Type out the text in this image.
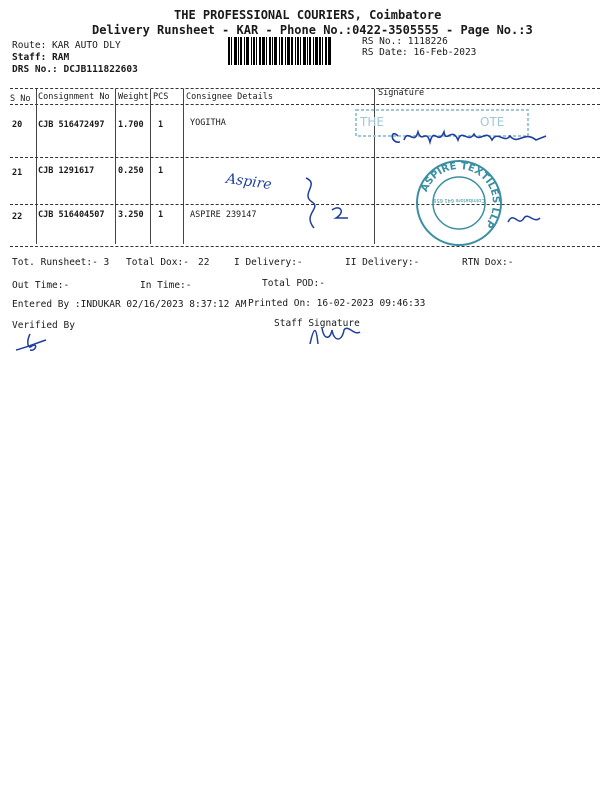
THE PROFESSIONAL COURIERS, Coimbatore
Delivery Runsheet - KAR - Phone No.:0422-3505555 - Page No.:3
Route: KAR AUTO DLY
Staff: RAM
DRS No.: DCJB111822603
RS No.: 1118226
RS Date: 16-Feb-2023
S No Consignment No Weight PCS Consignee Details	Signature
20 CJB 516472497 1.700 1	YOGITHA
21 CJB 1291617	0.250 1
22 CJB 516404507 3.250 1	ASPIRE 239147
Tot. Runsheet:- 3 Total Dox:- 22	I Delivery:-	II Delivery:-	RTN Dox:-
Out Time:-	In Time:-	Total POD:-
Entered By :INDUKAR 02/16/2023 8:37:12 AM Printed On: 16-02-2023 09:46:33
Verified By	Staff Signature
THE	OTE
Aspire	ASPIRE TEXTILES LLP
Coimbatore 641 659
